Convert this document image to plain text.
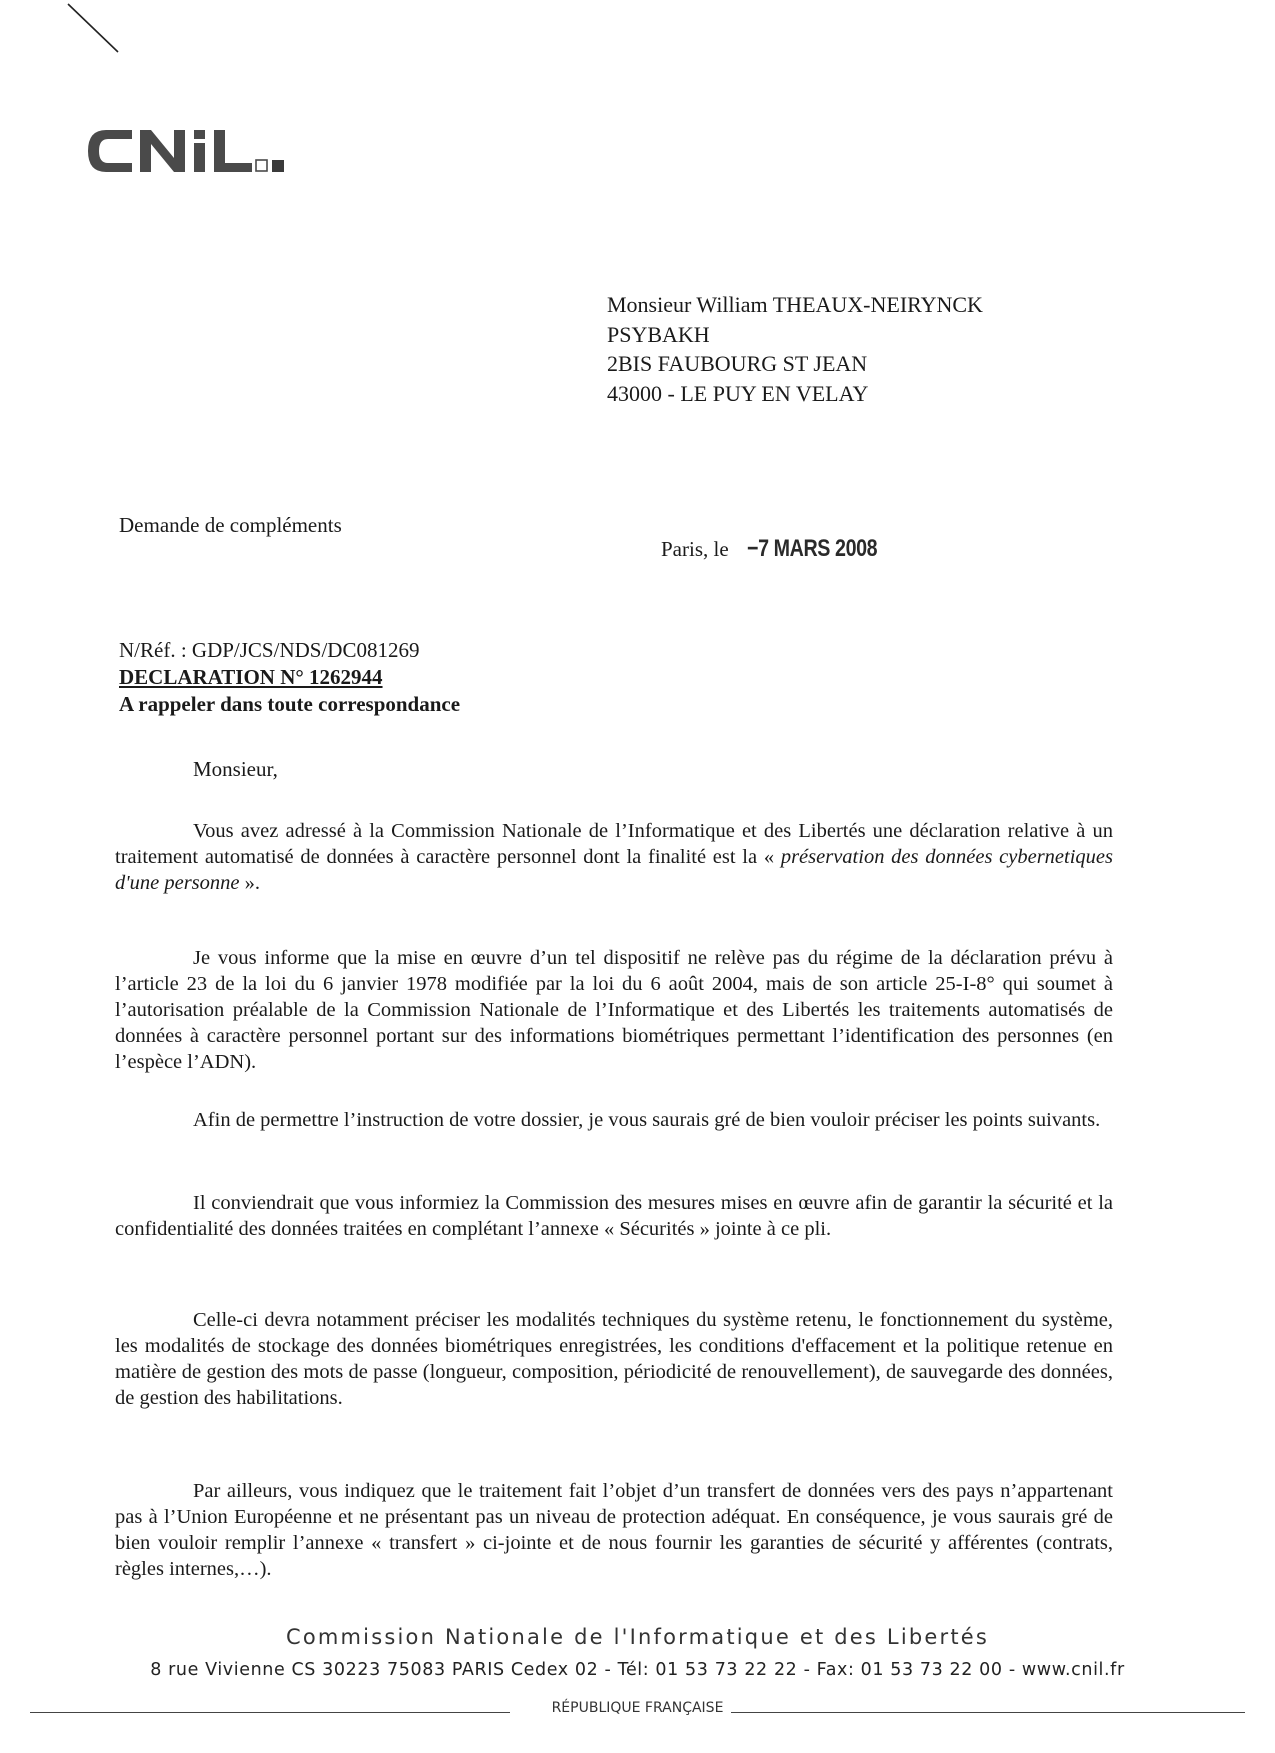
Monsieur William THEAUX-NEIRYNCK
PSYBAKH
2BIS FAUBOURG ST JEAN
43000 - LE PUY EN VELAY
Demande de compléments
Paris, le −7 MARS 2008
N/Réf. : GDP/JCS/NDS/DC081269
DECLARATION N° 1262944
A rappeler dans toute correspondance
Monsieur,

Vous avez adressé à la Commission Nationale de l’Informatique et des Libertés une déclaration relative à un traitement automatisé de données à caractère personnel dont la finalité est la « préservation des données cybernetiques d'une personne ».

Je vous informe que la mise en œuvre d’un tel dispositif ne relève pas du régime de la déclaration prévu à l’article 23 de la loi du 6 janvier 1978 modifiée par la loi du 6 août 2004, mais de son article 25-I-8° qui soumet à l’autorisation préalable de la Commission Nationale de l’Informatique et des Libertés les traitements automatisés de données à caractère personnel portant sur des informations biométriques permettant l’identification des personnes (en l’espèce l’ADN).

Afin de permettre l’instruction de votre dossier, je vous saurais gré de bien vouloir préciser les points suivants.

Il conviendrait que vous informiez la Commission des mesures mises en œuvre afin de garantir la sécurité et la confidentialité des données traitées en complétant l’annexe « Sécurités » jointe à ce pli.

Celle-ci devra notamment préciser les modalités techniques du système retenu, le fonctionnement du système, les modalités de stockage des données biométriques enregistrées, les conditions d'effacement et la politique retenue en matière de gestion des mots de passe (longueur, composition, périodicité de renouvellement), de sauvegarde des données, de gestion des habilitations.

Par ailleurs, vous indiquez que le traitement fait l’objet d’un transfert de données vers des pays n’appartenant pas à l’Union Européenne et ne présentant pas un niveau de protection adéquat. En conséquence, je vous saurais gré de bien vouloir remplir l’annexe « transfert » ci-jointe et de nous fournir les garanties de sécurité y afférentes (contrats, règles internes,…).

Commission Nationale de l'Informatique et des Libertés
8 rue Vivienne CS 30223 75083 PARIS Cedex 02 - Tél: 01 53 73 22 22 - Fax: 01 53 73 22 00 - www.cnil.fr
RÉPUBLIQUE FRANÇAISE
